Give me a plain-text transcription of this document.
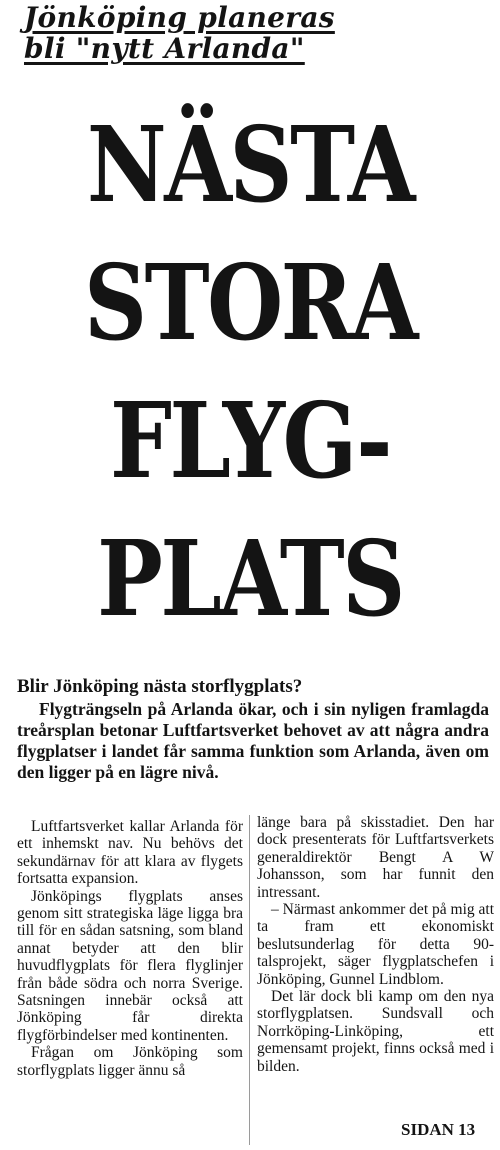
Jönköping planeras
bli "nytt Arlanda"
NÄSTA
STORA
FLYG-
PLATS
Blir Jönköping nästa storflygplats?
Flygträngseln på Arlanda ökar, och i sin nyligen framlagda treårsplan betonar Luftfartsverket behovet av att några andra flygplatser i landet får samma funktion som Arlanda, även om den ligger på en lägre nivå.

Luftfartsverket kallar Arlanda för ett inhemskt nav. Nu behövs det sekundärnav för att klara av flygets fortsatta expansion.

Jönköpings flygplats anses genom sitt strategiska läge ligga bra till för en sådan satsning, som bland annat betyder att den blir huvudflygplats för flera flyglinjer från både södra och norra Sverige. Satsningen innebär också att Jönköping får direkta flygförbindelser med kontinenten.

Frågan om Jönköping som storflygplats ligger ännu så

länge bara på skisstadiet. Den har dock presenterats för Luftfartsverkets generaldirektör Bengt A W Johansson, som har funnit den intressant.

– Närmast ankommer det på mig att ta fram ett ekonomiskt beslutsunderlag för detta 90-talsprojekt, säger flygplatschefen i Jönköping, Gunnel Lindblom.

Det lär dock bli kamp om den nya storflygplatsen. Sundsvall och Norrköping-Linköping, ett gemensamt projekt, finns också med i bilden.

SIDAN 13
